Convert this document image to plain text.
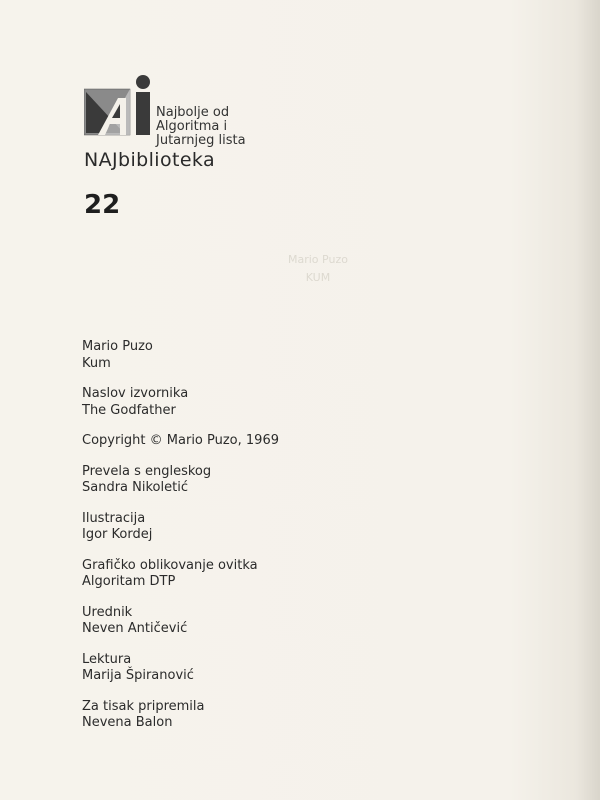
Najbolje od
Algoritma i
Jutarnjeg lista
NAJbiblioteka
22
Mario Puzo
KUM
Mario Puzo
Kum
Naslov izvornika
The Godfather
Copyright © Mario Puzo, 1969
Prevela s engleskog
Sandra Nikoletić
Ilustracija
Igor Kordej
Grafičko oblikovanje ovitka
Algoritam DTP
Urednik
Neven Antičević
Lektura
Marija Špiranović
Za tisak pripremila
Nevena Balon
